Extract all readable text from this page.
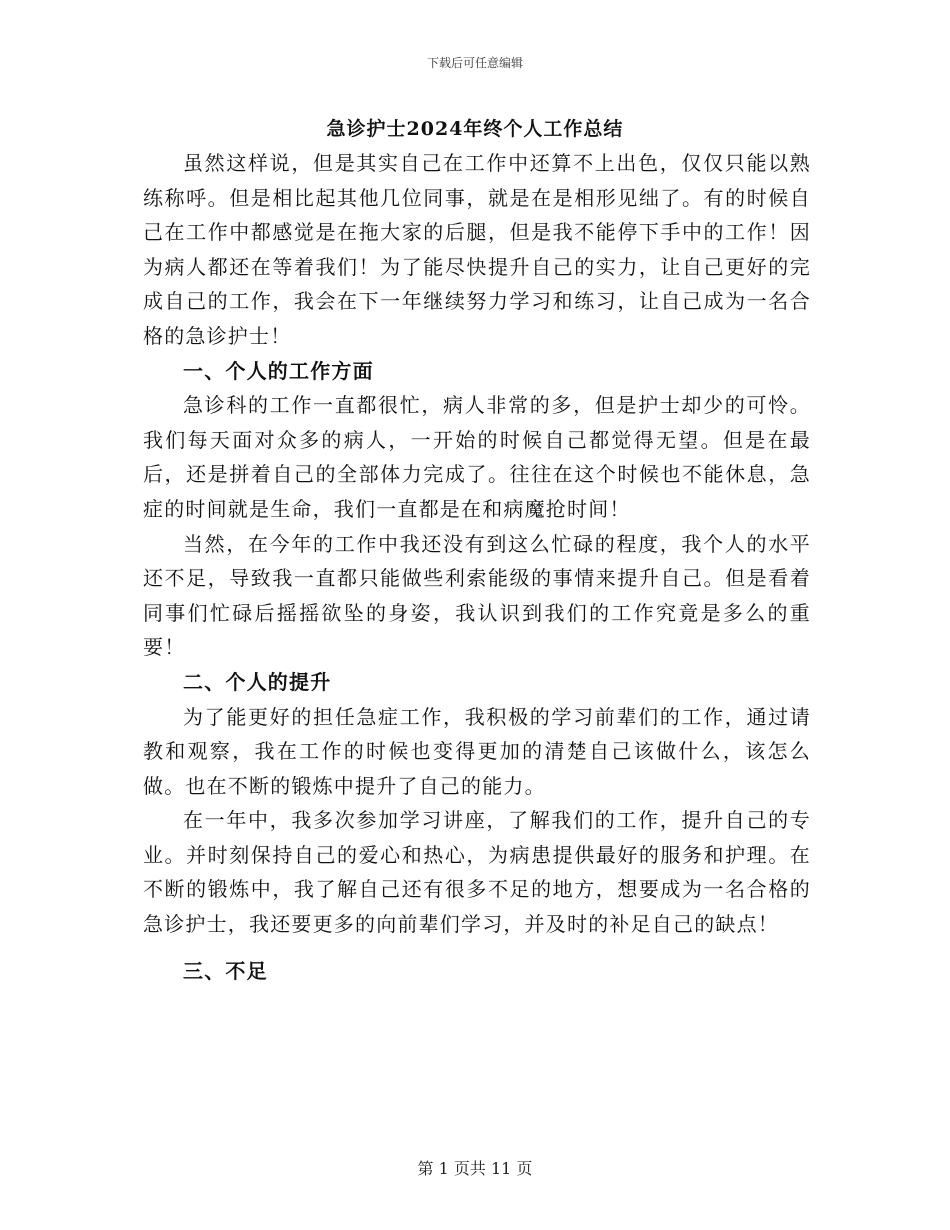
下载后可任意编辑
急诊护士2024年终个人工作总结

虽然这样说，但是其实自己在工作中还算不上出色，仅仅只能以熟练称呼。但是相比起其他几位同事，就是在是相形见绌了。有的时候自己在工作中都感觉是在拖大家的后腿，但是我不能停下手中的工作！因为病人都还在等着我们！为了能尽快提升自己的实力，让自己更好的完成自己的工作，我会在下一年继续努力学习和练习，让自己成为一名合格的急诊护士！

一、个人的工作方面

急诊科的工作一直都很忙，病人非常的多，但是护士却少的可怜。我们每天面对众多的病人，一开始的时候自己都觉得无望。但是在最后，还是拼着自己的全部体力完成了。往往在这个时候也不能休息，急症的时间就是生命，我们一直都是在和病魔抢时间！

当然，在今年的工作中我还没有到这么忙碌的程度，我个人的水平还不足，导致我一直都只能做些利索能级的事情来提升自己。但是看着同事们忙碌后摇摇欲坠的身姿，我认识到我们的工作究竟是多么的重要！

二、个人的提升

为了能更好的担任急症工作，我积极的学习前辈们的工作，通过请教和观察，我在工作的时候也变得更加的清楚自己该做什么，该怎么做。也在不断的锻炼中提升了自己的能力。

在一年中，我多次参加学习讲座，了解我们的工作，提升自己的专业。并时刻保持自己的爱心和热心，为病患提供最好的服务和护理。在不断的锻炼中，我了解自己还有很多不足的地方，想要成为一名合格的急诊护士，我还要更多的向前辈们学习，并及时的补足自己的缺点！

三、不足

第 1 页共 11 页
